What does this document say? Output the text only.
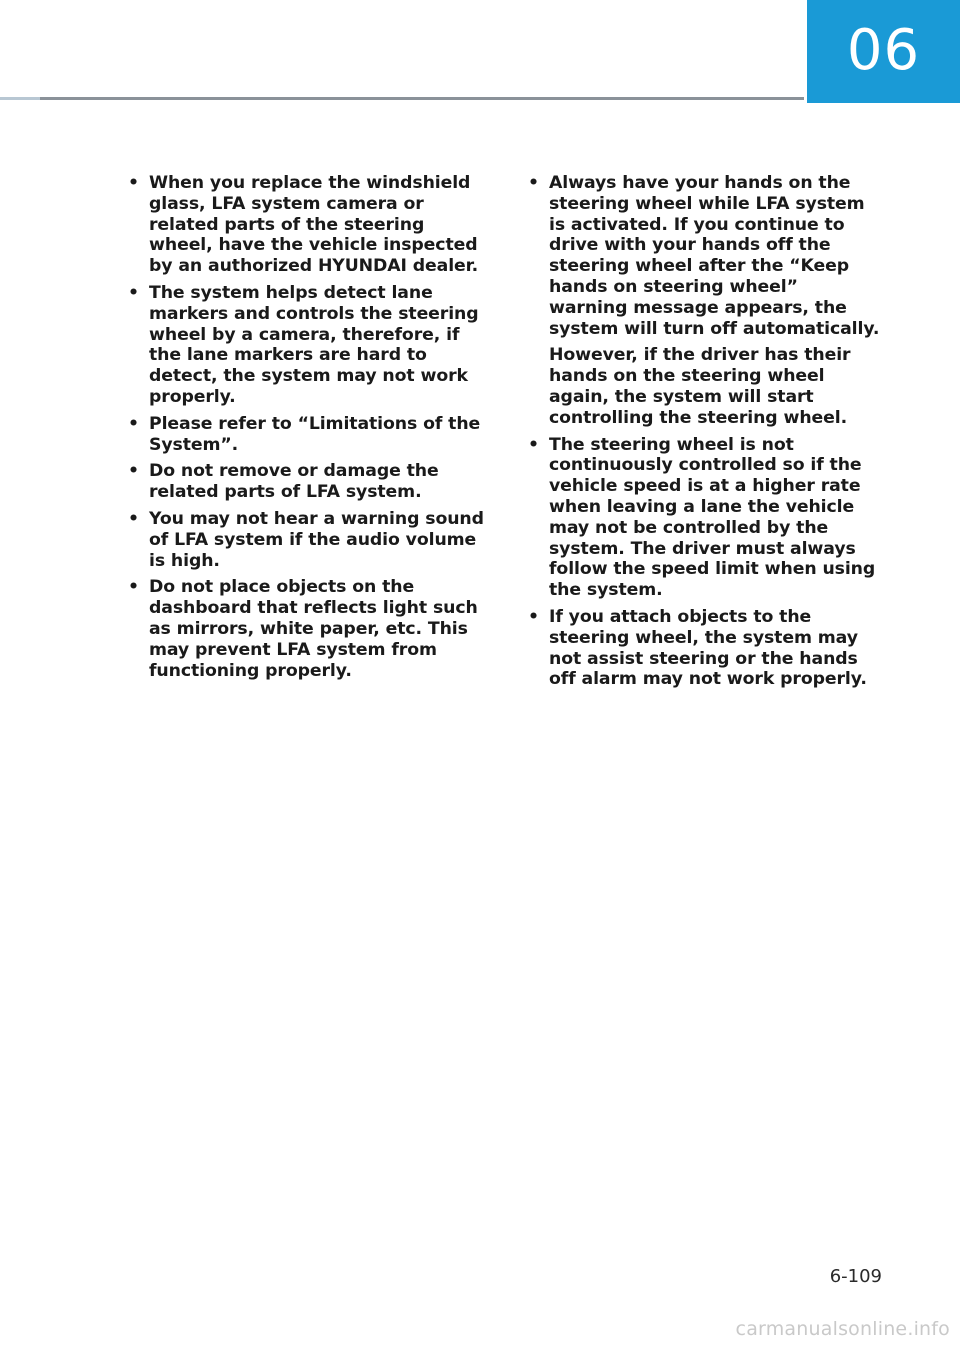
06
• When you replace the windshield glass, LFA system camera or related parts of the steering wheel, have the vehicle inspected by an authorized HYUNDAI dealer.
• The system helps detect lane markers and controls the steering wheel by a camera, therefore, if the lane markers are hard to detect, the system may not work properly.
• Please refer to “Limitations of the System”.
• Do not remove or damage the related parts of LFA system.
• You may not hear a warning sound of LFA system if the audio volume is high.
• Do not place objects on the dashboard that reflects light such as mirrors, white paper, etc. This may prevent LFA system from functioning properly.
• Always have your hands on the steering wheel while LFA system is activated. If you continue to drive with your hands off the steering wheel after the “Keep hands on steering wheel” warning message appears, the system will turn off automatically.
However, if the driver has their hands on the steering wheel again, the system will start controlling the steering wheel.
• The steering wheel is not continuously controlled so if the vehicle speed is at a higher rate when leaving a lane the vehicle may not be controlled by the system. The driver must always follow the speed limit when using the system.
• If you attach objects to the steering wheel, the system may not assist steering or the hands off alarm may not work properly.
6-109
carmanualsonline.info
